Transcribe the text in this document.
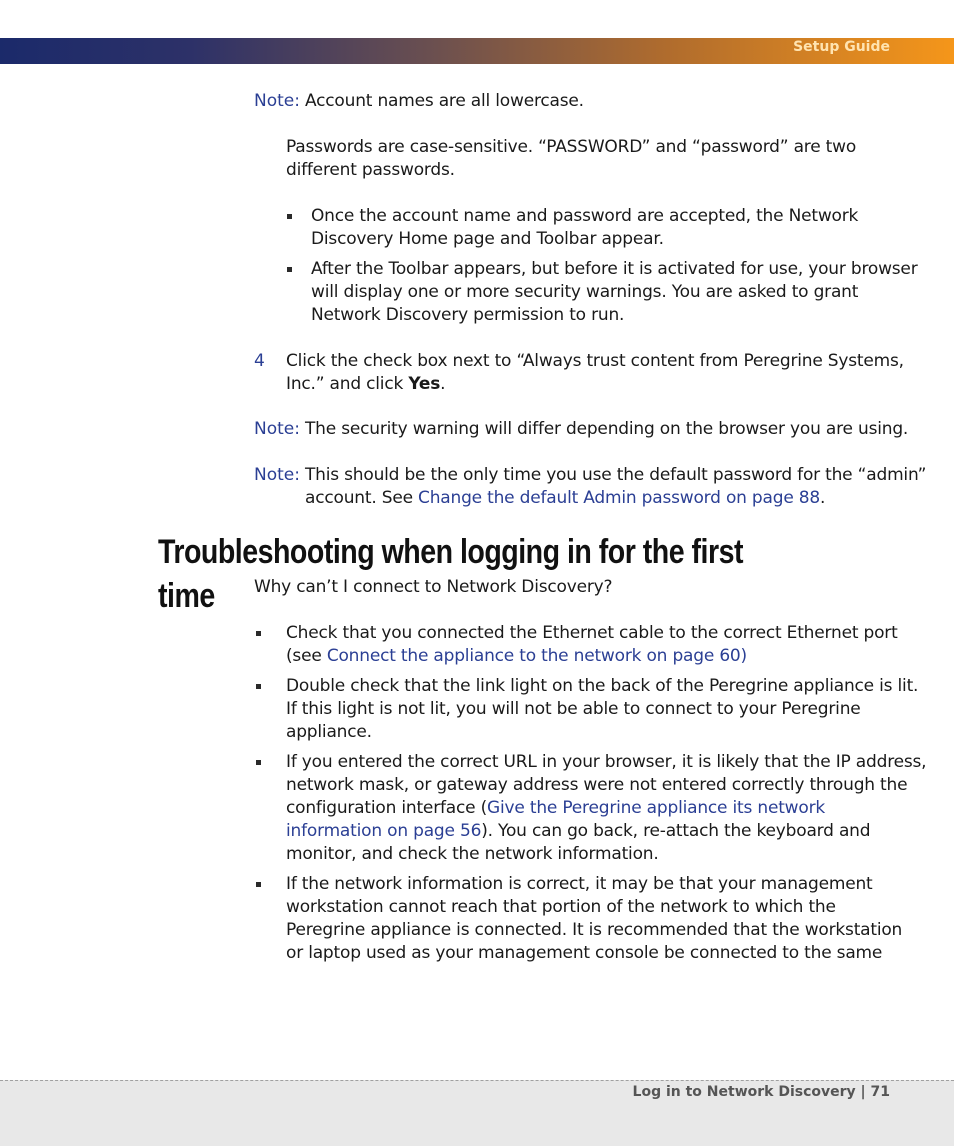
Setup Guide
Note: Account names are all lowercase.
Passwords are case-sensitive. “PASSWORD” and “password” are two
different passwords.
Once the account name and password are accepted, the Network
Discovery Home page and Toolbar appear.
After the Toolbar appears, but before it is activated for use, your browser
will display one or more security warnings. You are asked to grant
Network Discovery permission to run.
4 Click the check box next to “Always trust content from Peregrine Systems,
Inc.” and click Yes.
Note: The security warning will differ depending on the browser you are using.
Note: This should be the only time you use the default password for the “admin”
account. See Change the default Admin password on page 88.
Troubleshooting when logging in for the first time	Why can’t I connect to Network Discovery?
Check that you connected the Ethernet cable to the correct Ethernet port
(see Connect the appliance to the network on page 60)
Double check that the link light on the back of the Peregrine appliance is lit.
If this light is not lit, you will not be able to connect to your Peregrine
appliance.
If you entered the correct URL in your browser, it is likely that the IP address,
network mask, or gateway address were not entered correctly through the
configuration interface (Give the Peregrine appliance its network
information on page 56). You can go back, re-attach the keyboard and
monitor, and check the network information.
If the network information is correct, it may be that your management
workstation cannot reach that portion of the network to which the
Peregrine appliance is connected. It is recommended that the workstation
or laptop used as your management console be connected to the same
Log in to Network Discovery | 71
